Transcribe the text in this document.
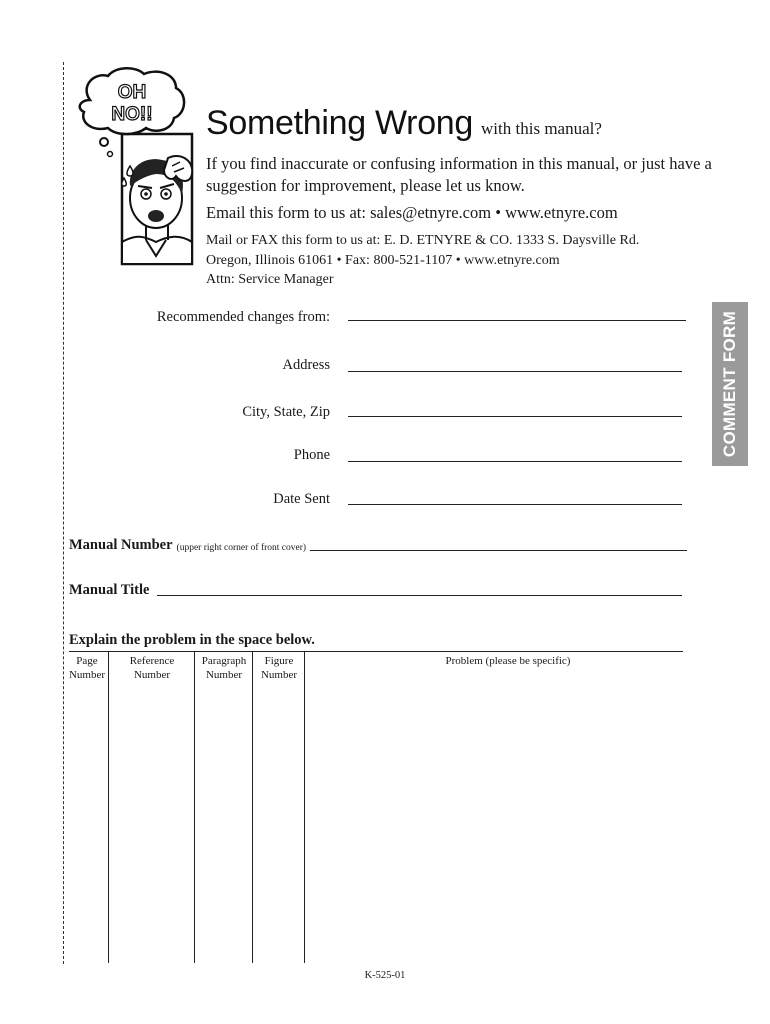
OH
NO!! Something Wrong with this manual?
If you find inaccurate or confusing information in this manual, or just have a suggestion for improvement, please let us know.
Email this form to us at: sales@etnyre.com • www.etnyre.com
Mail or FAX this form to us at: E. D. ETNYRE & CO. 1333 S. Daysville Rd.
Oregon, Illinois 61061 • Fax: 800-521-1107 • www.etnyre.com
Attn: Service Manager
COMMENT FORM
Recommended changes from:
Address
City, State, Zip
Phone
Date Sent
Manual Number (upper right corner of front cover)
Manual Title
Explain the problem in the space below.
Page
Number
Reference
Number
Paragraph
Number
Figure
Number
Problem (please be specific)
K-525-01
